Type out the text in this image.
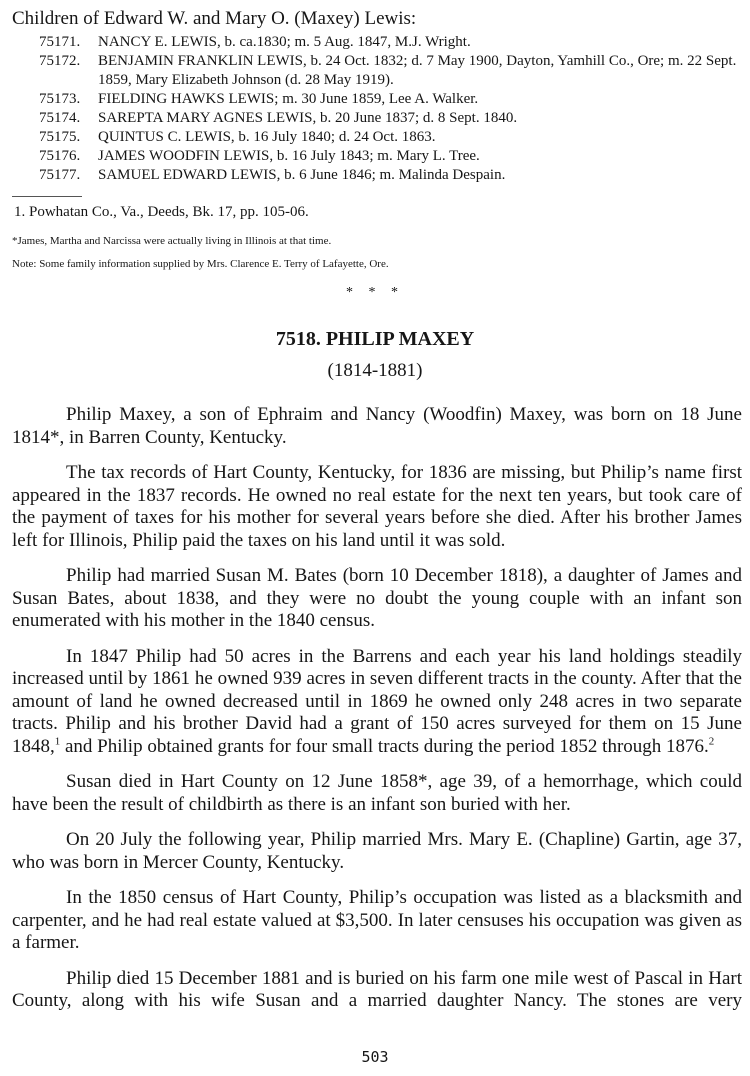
Children of Edward W. and Mary O. (Maxey) Lewis:
75171. NANCY E. LEWIS, b. ca.1830; m. 5 Aug. 1847, M.J. Wright.
75172. BENJAMIN FRANKLIN LEWIS, b. 24 Oct. 1832; d. 7 May 1900, Dayton, Yamhill Co., Ore; m. 22 Sept. 1859, Mary Elizabeth Johnson (d. 28 May 1919).
75173. FIELDING HAWKS LEWIS; m. 30 June 1859, Lee A. Walker.
75174. SAREPTA MARY AGNES LEWIS, b. 20 June 1837; d. 8 Sept. 1840.
75175. QUINTUS C. LEWIS, b. 16 July 1840; d. 24 Oct. 1863.
75176. JAMES WOODFIN LEWIS, b. 16 July 1843; m. Mary L. Tree.
75177. SAMUEL EDWARD LEWIS, b. 6 June 1846; m. Malinda Despain.
1. Powhatan Co., Va., Deeds, Bk. 17, pp. 105-06.
*James, Martha and Narcissa were actually living in Illinois at that time.
Note: Some family information supplied by Mrs. Clarence E. Terry of Lafayette, Ore.
* * *
7518. PHILIP MAXEY
(1814-1881)

Philip Maxey, a son of Ephraim and Nancy (Woodfin) Maxey, was born on 18 June 1814*, in Barren County, Kentucky.

The tax records of Hart County, Kentucky, for 1836 are missing, but Philip’s name first appeared in the 1837 records. He owned no real estate for the next ten years, but took care of the payment of taxes for his mother for several years before she died. After his brother James left for Illinois, Philip paid the taxes on his land until it was sold.

Philip had married Susan M. Bates (born 10 December 1818), a daughter of James and Susan Bates, about 1838, and they were no doubt the young couple with an infant son enumerated with his mother in the 1840 census.

In 1847 Philip had 50 acres in the Barrens and each year his land holdings steadily increased until by 1861 he owned 939 acres in seven different tracts in the county. After that the amount of land he owned decreased until in 1869 he owned only 248 acres in two separate tracts. Philip and his brother David had a grant of 150 acres surveyed for them on 15 June 1848,$^1$ and Philip obtained grants for four small tracts during the period 1852 through 1876.$^2$

Susan died in Hart County on 12 June 1858*, age 39, of a hemorrhage, which could have been the result of childbirth as there is an infant son buried with her.

On 20 July the following year, Philip married Mrs. Mary E. (Chapline) Gartin, age 37, who was born in Mercer County, Kentucky.

In the 1850 census of Hart County, Philip’s occupation was listed as a blacksmith and carpenter, and he had real estate valued at $3,500. In later censuses his occupation was given as a farmer.

Philip died 15 December 1881 and is buried on his farm one mile west of Pascal in Hart County, along with his wife Susan and a married daughter Nancy. The stones are very

503
